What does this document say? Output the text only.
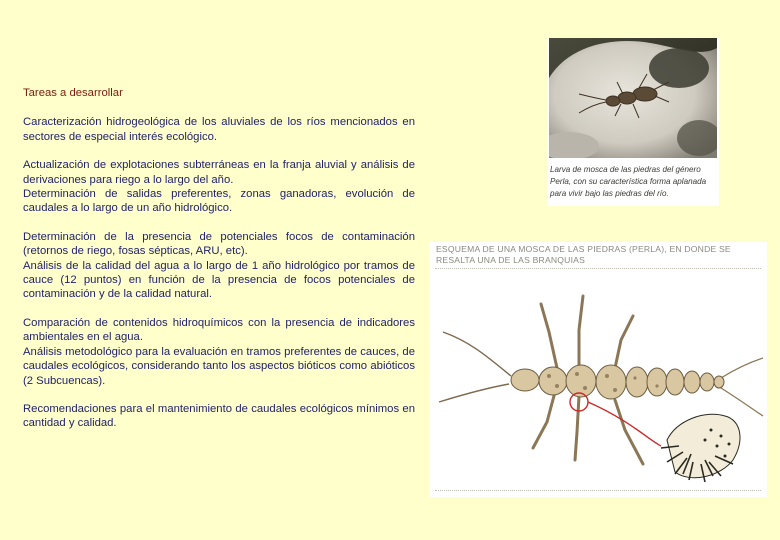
Tareas a desarrollar

Caracterización hidrogeológica de los aluviales de los ríos mencionados en sectores de especial interés ecológico.

Actualización de explotaciones subterráneas en la franja aluvial y análisis de derivaciones para riego a lo largo del año.

Determinación de salidas preferentes, zonas ganadoras, evolución de caudales a lo largo de un año hidrológico.

Determinación de la presencia de potenciales focos de contaminación (retornos de riego, fosas sépticas, ARU, etc).

Análisis de la calidad del agua a lo largo de 1 año hidrológico por tramos de cauce (12 puntos) en función de la presencia de focos potenciales de contaminación y de la calidad natural.

Comparación de contenidos hidroquímicos con la presencia de indicadores ambientales en el agua.

Análisis metodológico para la evaluación en tramos preferentes de cauces, de caudales ecológicos, considerando tanto los aspectos bióticos como abióticos (2 Subcuencas).

Recomendaciones para el mantenimiento de caudales ecológicos mínimos en cantidad y calidad.

Larva de mosca de las piedras del género Perla, con su característica forma aplanada para vivir bajo las piedras del río.
ESQUEMA DE UNA MOSCA DE LAS PIEDRAS (PERLA), EN DONDE SE RESALTA UNA DE LAS BRANQUIAS
